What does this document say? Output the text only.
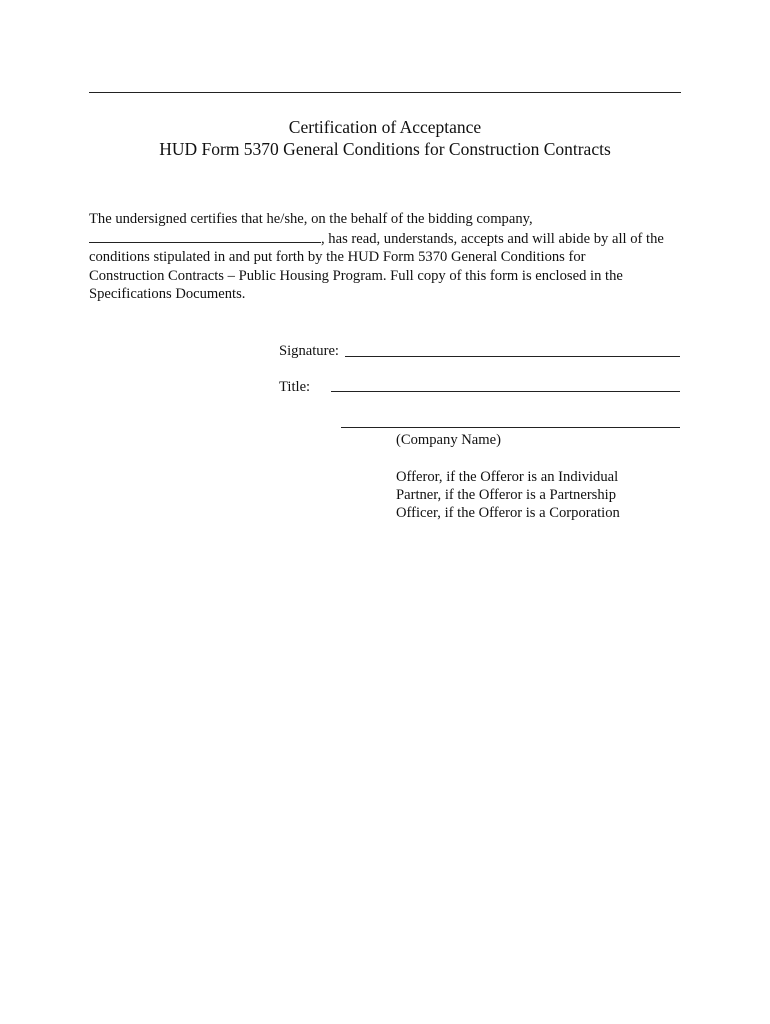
Certification of Acceptance
HUD Form 5370 General Conditions for Construction Contracts
The undersigned certifies that he/she, on the behalf of the bidding company,
, has read, understands, accepts and will abide by all of the
conditions stipulated in and put forth by the HUD Form 5370 General Conditions for
Construction Contracts – Public Housing Program. Full copy of this form is enclosed in the
Specifications Documents.
Signature:
Title:
(Company Name)
Offeror, if the Offeror is an Individual
Partner, if the Offeror is a Partnership
Officer, if the Offeror is a Corporation
